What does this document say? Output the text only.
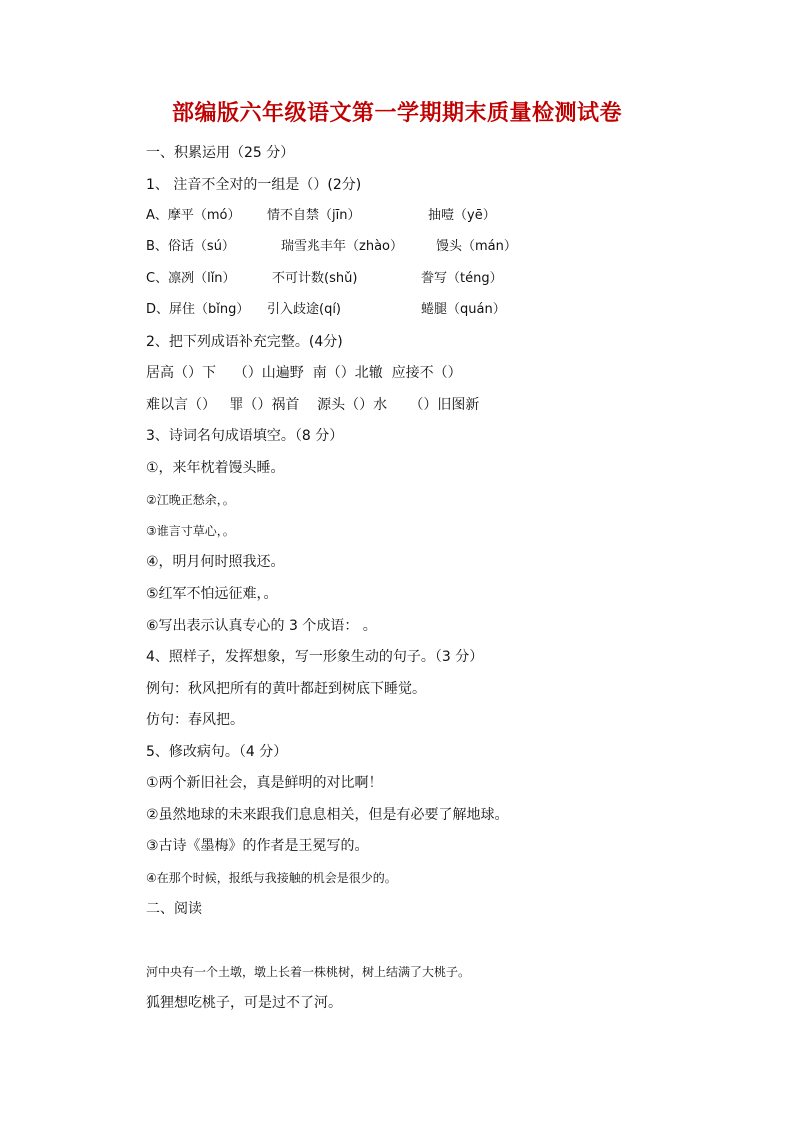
部编版六年级语文第一学期期末质量检测试卷
一、积累运用（25 分）
1、 注音不全对的一组是（）(2分)
A、摩平（mó） 情不自禁（jīn）	抽噎（yē）
B、俗话（sú）	瑞雪兆丰年（zhào）	馒头（mán）
C、凛冽（lǐn）	不可计数(shǔ)	誊写（téng）
D、屏住（bǐng） 引入歧途(qí)	蜷腿（quán）
2、把下列成语补充完整。(4分)
居高（）下    （）山遍野  南（）北辙  应接不（）
难以言（）   罪（）祸首    源头（）水     （）旧图新
3、诗词名句成语填空。（8 分）
①，来年枕着馒头睡。
②江晚正愁余，。
③谁言寸草心，。
④，明月何时照我还。
⑤红军不怕远征难，。
⑥写出表示认真专心的 3 个成语： 。
4、照样子，发挥想象，写一形象生动的句子。（3 分）
例句：秋风把所有的黄叶都赶到树底下睡觉。
仿句：春风把。
5、修改病句。（4 分）
①两个新旧社会，真是鲜明的对比啊！
②虽然地球的未来跟我们息息相关，但是有必要了解地球。
③古诗《墨梅》的作者是王冕写的。
④在那个时候，报纸与我接触的机会是很少的。
二、阅读
河中央有一个土墩，墩上长着一株桃树，树上结满了大桃子。
狐狸想吃桃子，可是过不了河。
